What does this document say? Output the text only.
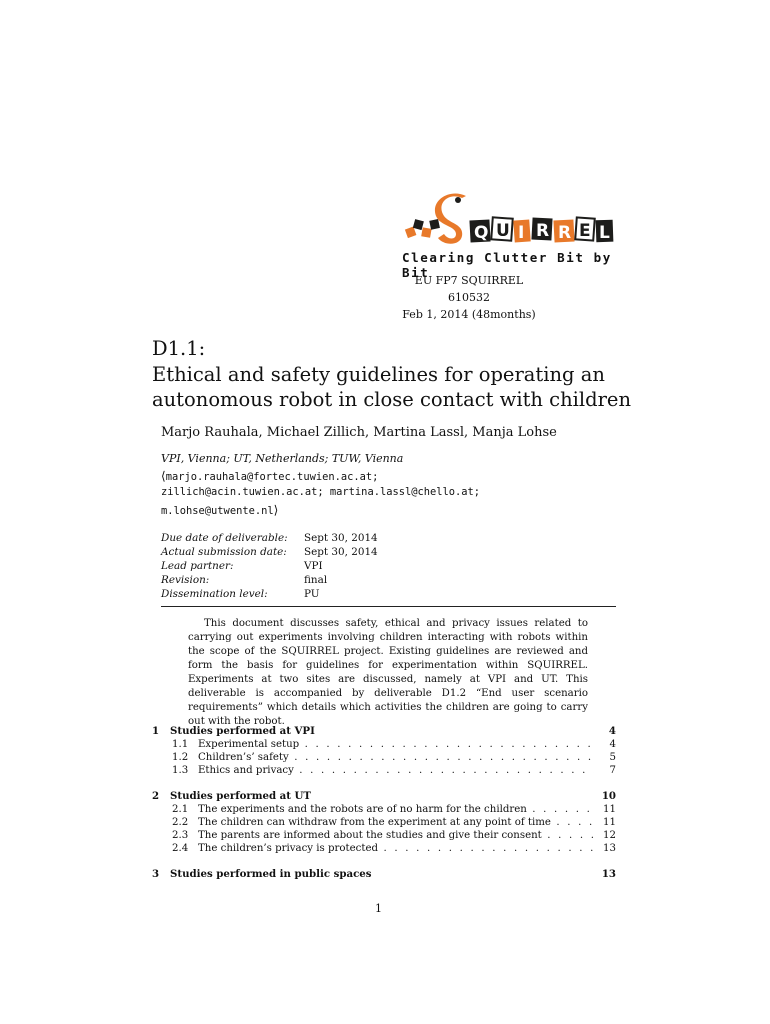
Q U I R R E L
Clearing Clutter Bit by Bit
EU FP7 SQUIRREL
610532
Feb 1, 2014 (48months)
D1.1:
Ethical and safety guidelines for operating an
autonomous robot in close contact with children
Marjo Rauhala, Michael Zillich, Martina Lassl, Manja Lohse
VPI, Vienna; UT, Netherlands; TUW, Vienna
⟨marjo.rauhala@fortec.tuwien.ac.at;
zillich@acin.tuwien.ac.at; martina.lassl@chello.at;
m.lohse@utwente.nl⟩
Due date of deliverable: Sept 30, 2014
Actual submission date: Sept 30, 2014
Lead partner:	VPI
Revision:	final
Dissemination level:	PU

This document discusses safety, ethical and privacy issues related to carrying out experiments involving children interacting with robots within the scope of the SQUIRREL project. Existing guidelines are reviewed and form the basis for guidelines for experimentation within SQUIRREL. Experiments at two sites are discussed, namely at VPI and UT. This deliverable is accompanied by deliverable D1.2 “End user scenario requirements” which details which activities the children are going to carry out with the robot.

1	Studies performed at VPI	4
1.1 Experimental setup . . .	4
1.2 Children’s’ safety . . .	5
1.3 Ethics and privacy . . .	7
2	Studies performed at UT	10
2.1 The experiments and the robots are of no harm for the children . . .	11
2.2 The children can withdraw from the experiment at any point of time . . .	11
2.3 The parents are informed about the studies and give their consent . . .	12
2.4 The children’s privacy is protected . . .	13
3	Studies performed in public spaces	13
1
